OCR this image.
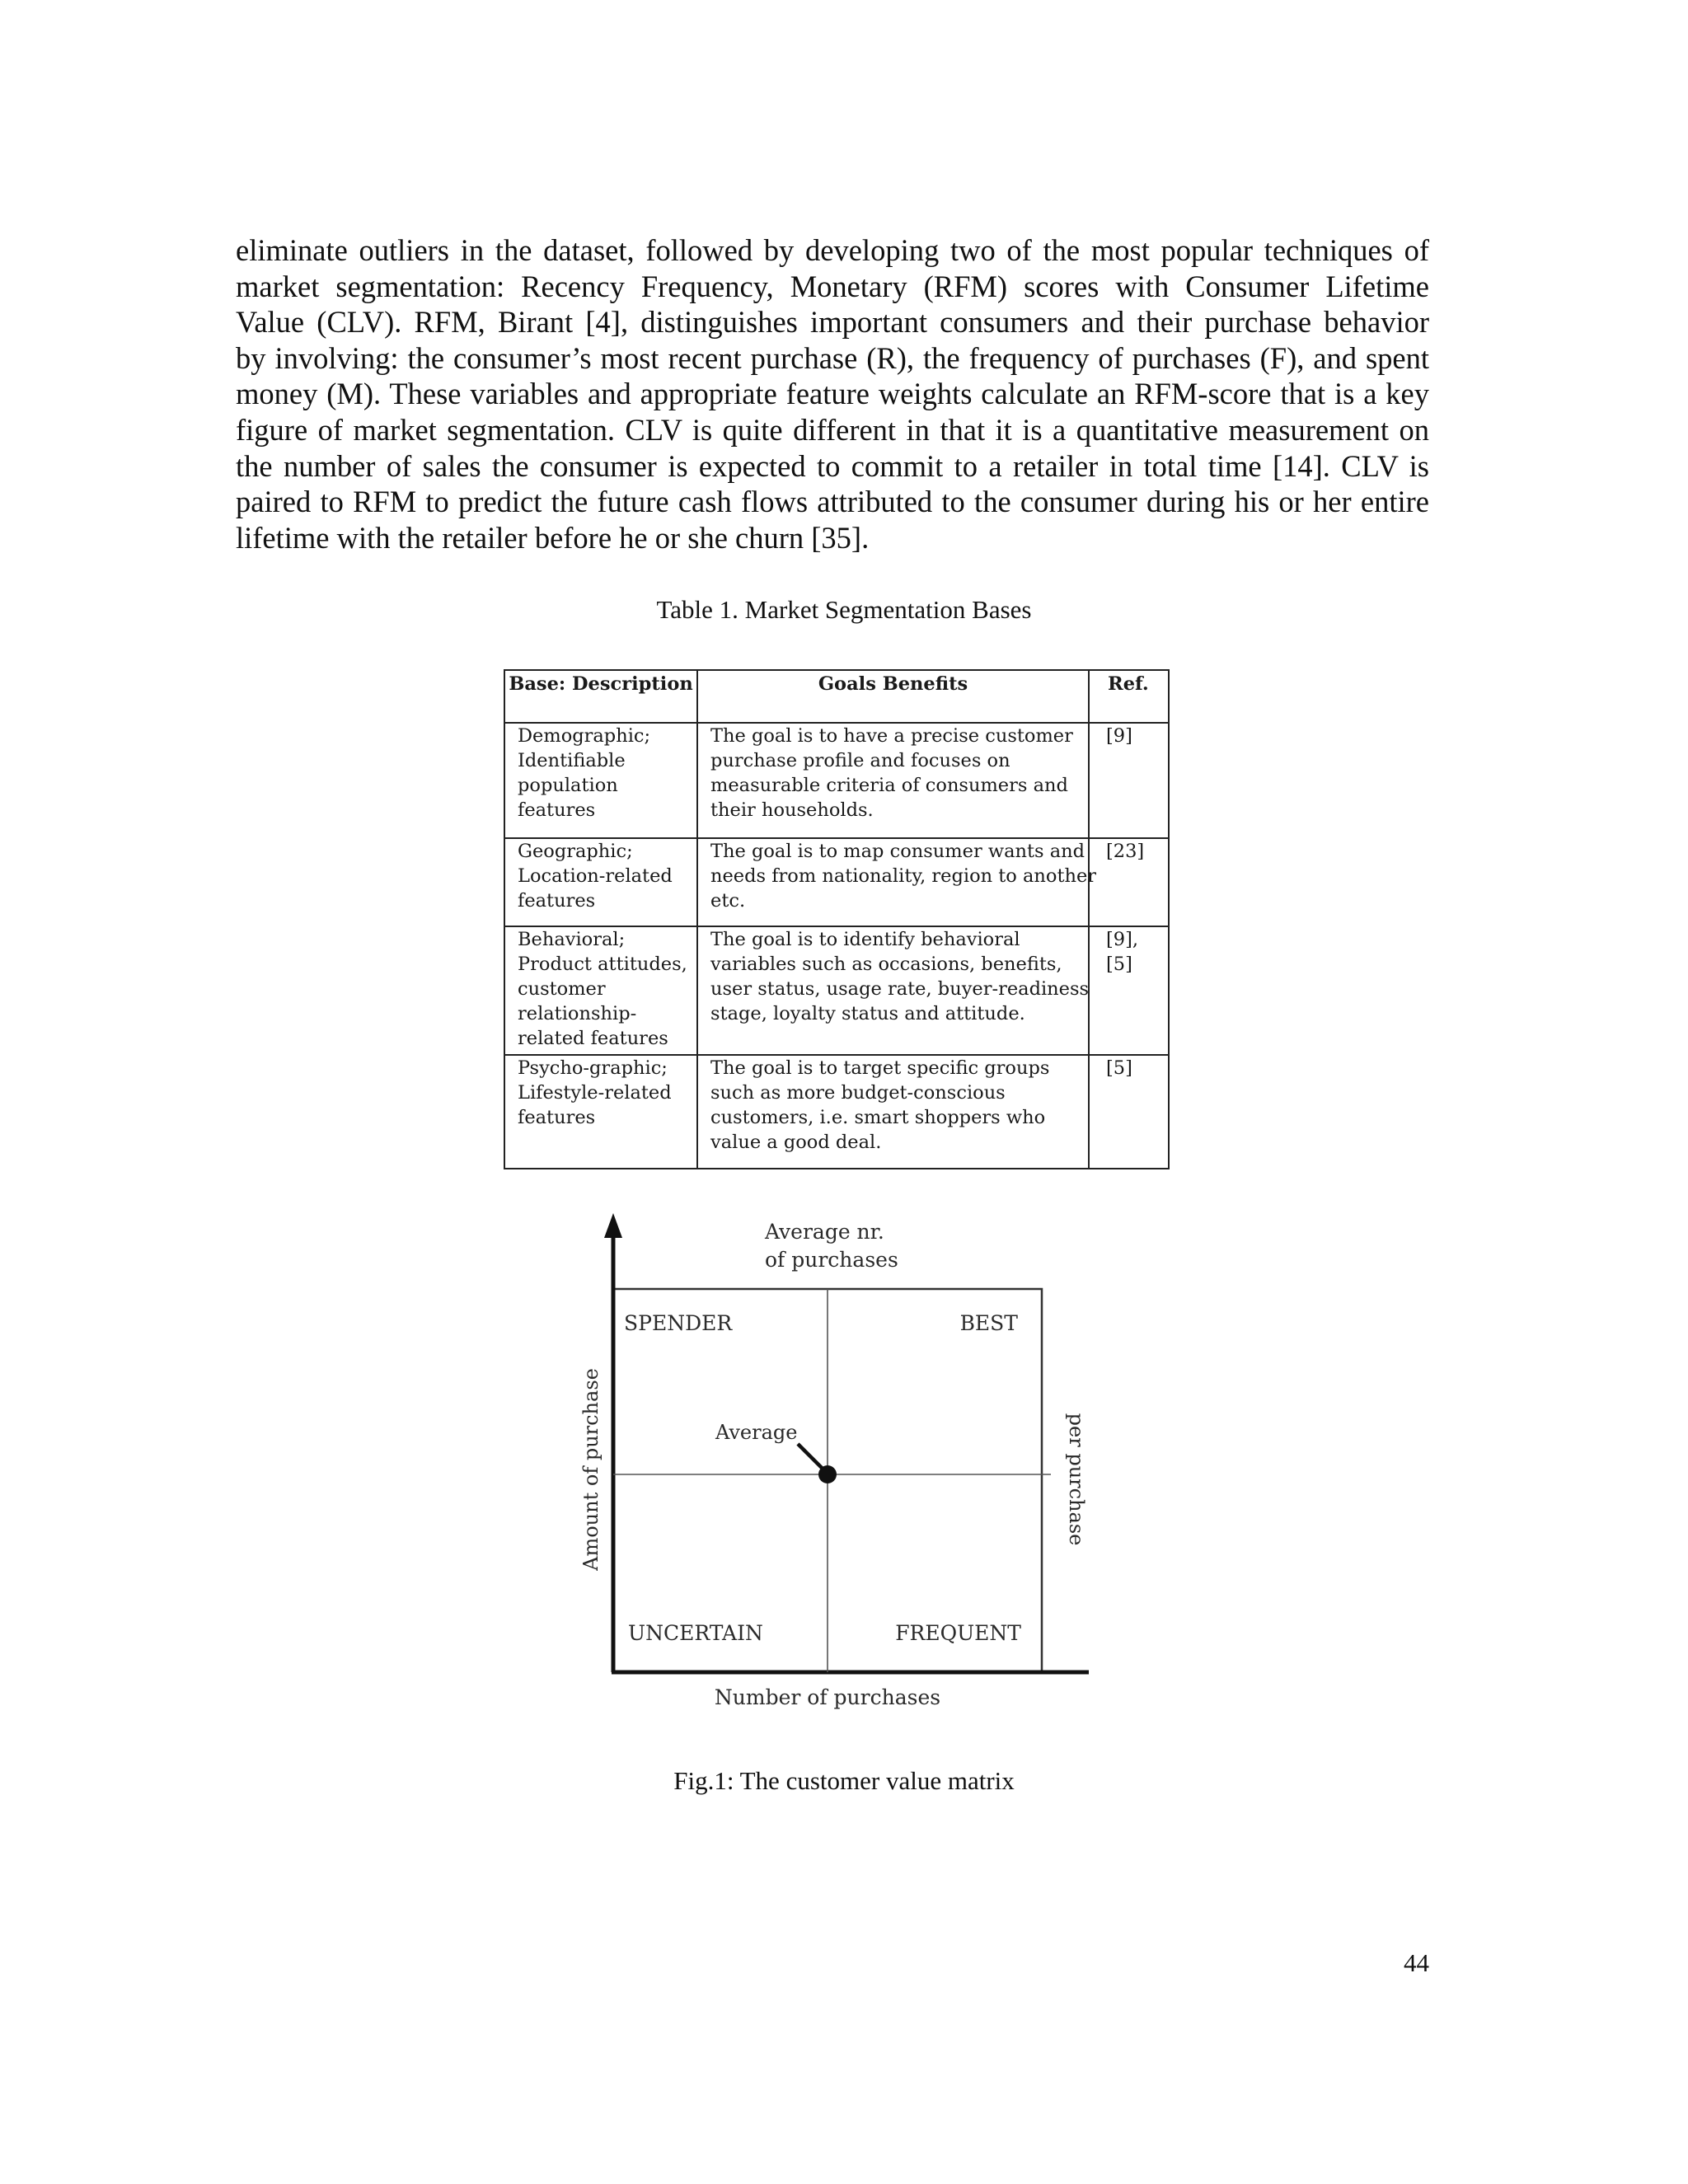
eliminate outliers in the dataset, followed by developing two of the most popular techniques of
market segmentation: Recency Frequency, Monetary (RFM) scores with Consumer Lifetime
Value (CLV). RFM, Birant [4], distinguishes important consumers and their purchase behavior
by involving: the consumer’s most recent purchase (R), the frequency of purchases (F), and spent
money (M). These variables and appropriate feature weights calculate an RFM-score that is a key
figure of market segmentation. CLV is quite different in that it is a quantitative measurement on
the number of sales the consumer is expected to commit to a retailer in total time [14]. CLV is
paired to RFM to predict the future cash flows attributed to the consumer during his or her entire
lifetime with the retailer before he or she churn [35].
Table 1. Market Segmentation Bases
Base: Description	Goals Benefits	Ref.

Demographic;
Identifiable
population
features	The goal is to have a precise customer
purchase profile and focuses on
measurable criteria of consumers and
their households.	[9]

Geographic;
Location-related
features	The goal is to map consumer wants and
needs from nationality, region to another
etc.	[23]

Behavioral;
Product attitudes,
customer
relationship-
related features	The goal is to identify behavioral
variables such as occasions, benefits,
user status, usage rate, buyer-readiness
stage, loyalty status and attitude.	[9],
[5]

Psycho-graphic;
Lifestyle-related
features	The goal is to target specific groups
such as more budget-conscious
customers, i.e. smart shoppers who
value a good deal.	[5]
Average nr.
of purchases
SPENDER	BEST
UNCERTAIN	FREQUENT
Average
Amount of purchase	per purchase
Number of purchases
Fig.1: The customer value matrix
44
